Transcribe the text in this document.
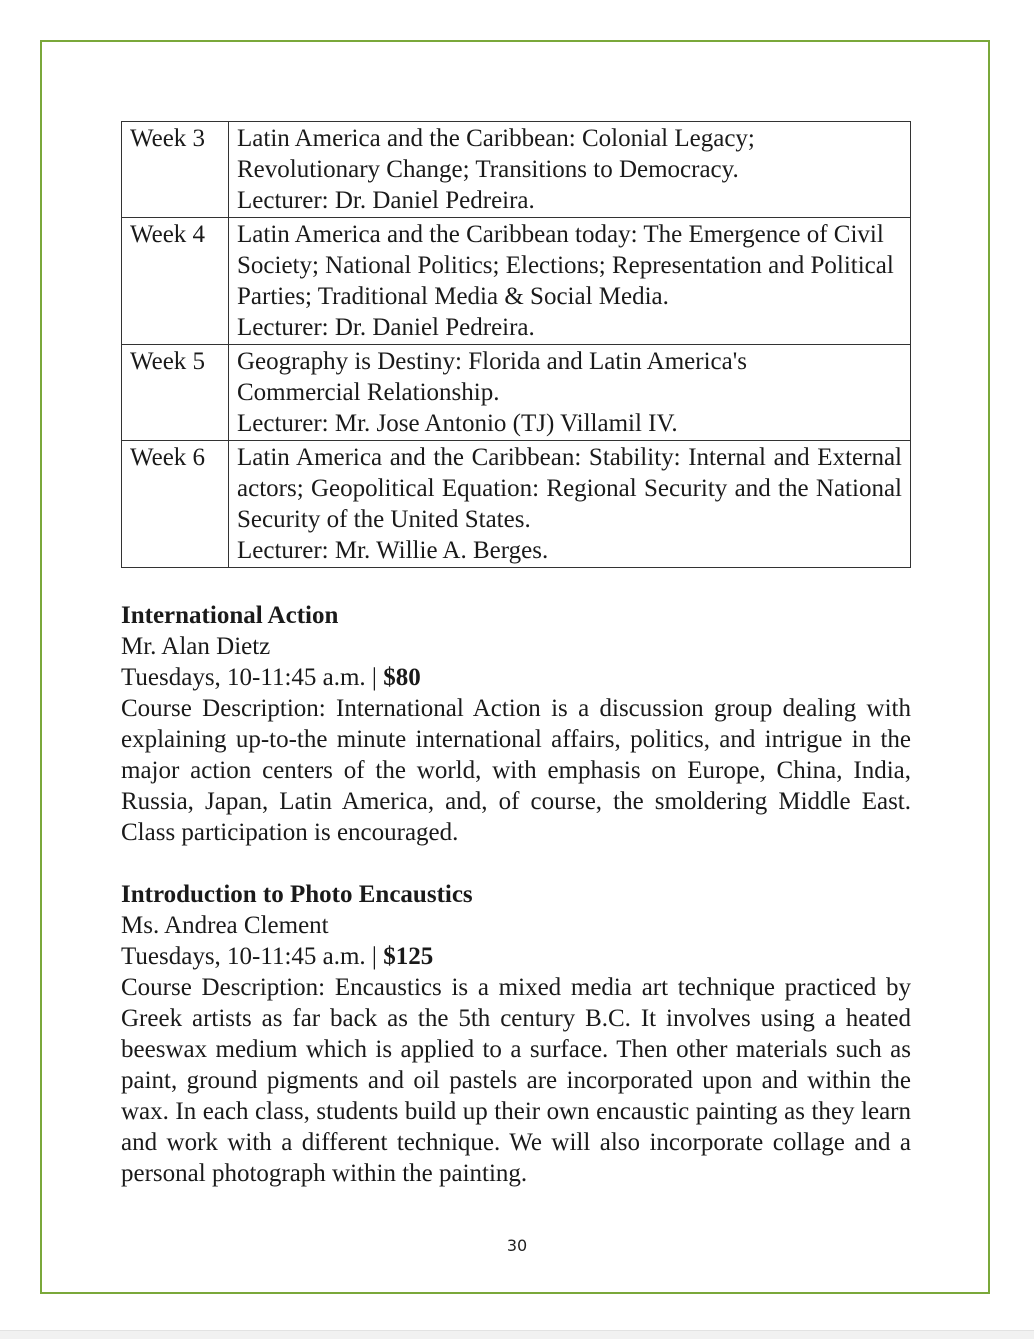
Week 3	Latin America and the Caribbean: Colonial Legacy;
Revolutionary Change; Transitions to Democracy.
Lecturer: Dr. Daniel Pedreira.

Week 4	Latin America and the Caribbean today: The Emergence of Civil Society; National Politics; Elections; Representation and Political Parties; Traditional Media & Social Media.
Lecturer: Dr. Daniel Pedreira.

Week 5	Geography is Destiny: Florida and Latin America's
Commercial Relationship.
Lecturer: Mr. Jose Antonio (TJ) Villamil IV.

Week 6	Latin America and the Caribbean: Stability: Internal and External actors; Geopolitical Equation: Regional Security and the National Security of the United States.
Lecturer: Mr. Willie A. Berges.
International Action
Mr. Alan Dietz
Tuesdays, 10-11:45 a.m. | $80
Course Description: International Action is a discussion group dealing with explaining up-to-the minute international affairs, politics, and intrigue in the major action centers of the world, with emphasis on Europe, China, India, Russia, Japan, Latin America, and, of course, the smoldering Middle East. Class participation is encouraged.
Introduction to Photo Encaustics
Ms. Andrea Clement
Tuesdays, 10-11:45 a.m. | $125
Course Description: Encaustics is a mixed media art technique practiced by Greek artists as far back as the 5th century B.C. It involves using a heated beeswax medium which is applied to a surface. Then other materials such as paint, ground pigments and oil pastels are incorporated upon and within the wax. In each class, students build up their own encaustic painting as they learn and work with a different technique. We will also incorporate collage and a personal photograph within the painting.
30
